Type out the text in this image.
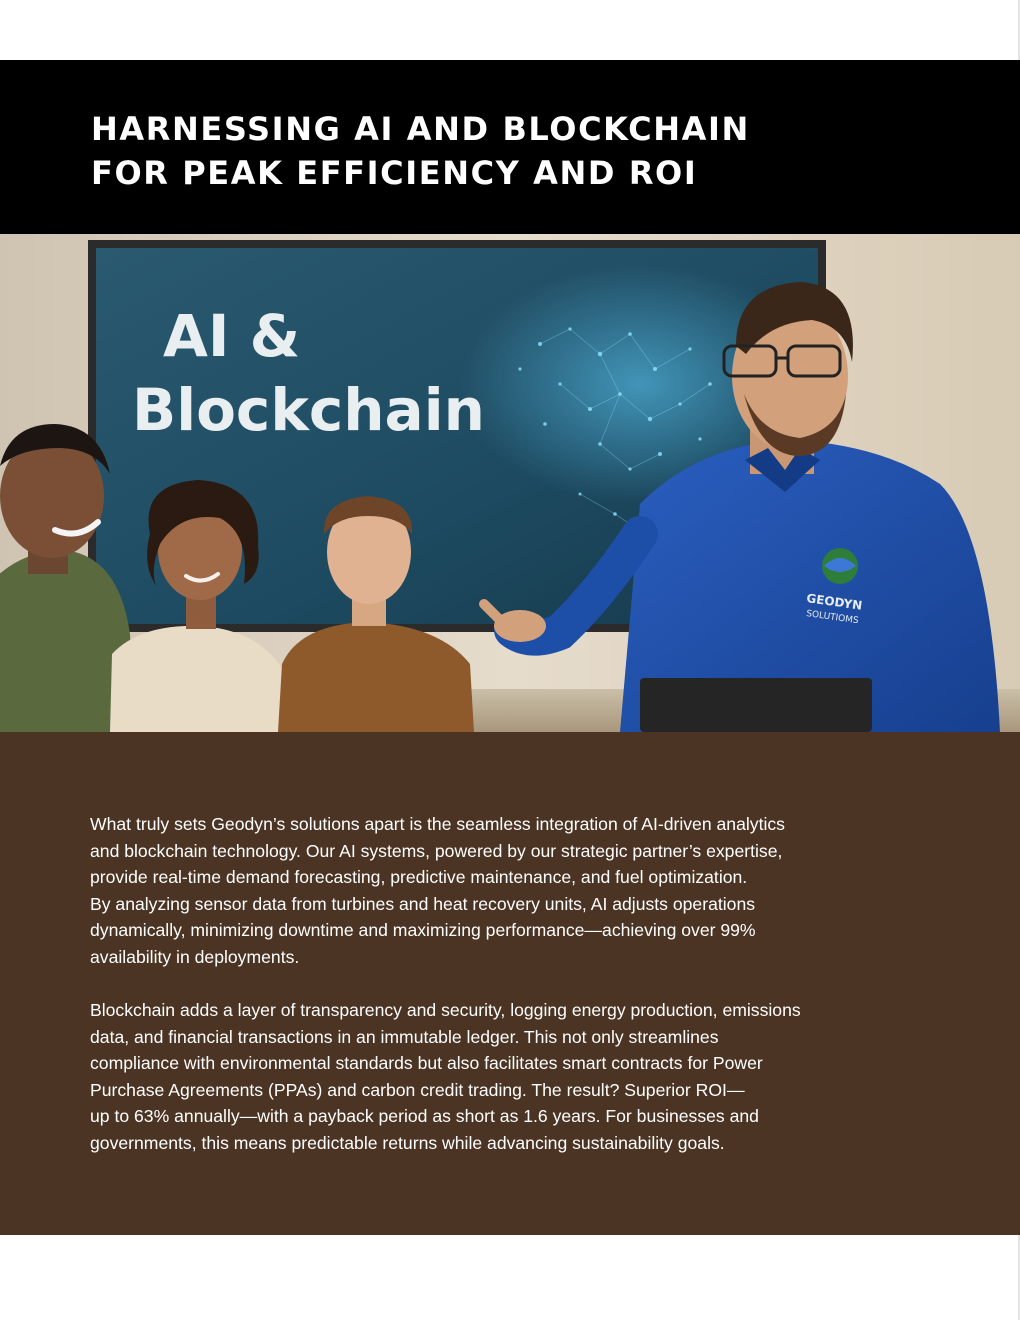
HARNESSING AI AND BLOCKCHAIN
FOR PEAK EFFICIENCY AND ROI
AI &
Blockchain
GEODYN
SOLUTIOMS

What truly sets Geodyn’s solutions apart is the seamless integration of AI-driven analytics
and blockchain technology. Our AI systems, powered by our strategic partner’s expertise,
provide real-time demand forecasting, predictive maintenance, and fuel optimization.
By analyzing sensor data from turbines and heat recovery units, AI adjusts operations
dynamically, minimizing downtime and maximizing performance—achieving over 99%
availability in deployments.

Blockchain adds a layer of transparency and security, logging energy production, emissions
data, and financial transactions in an immutable ledger. This not only streamlines
compliance with environmental standards but also facilitates smart contracts for Power
Purchase Agreements (PPAs) and carbon credit trading. The result? Superior ROI—
up to 63% annually—with a payback period as short as 1.6 years. For businesses and
governments, this means predictable returns while advancing sustainability goals.
